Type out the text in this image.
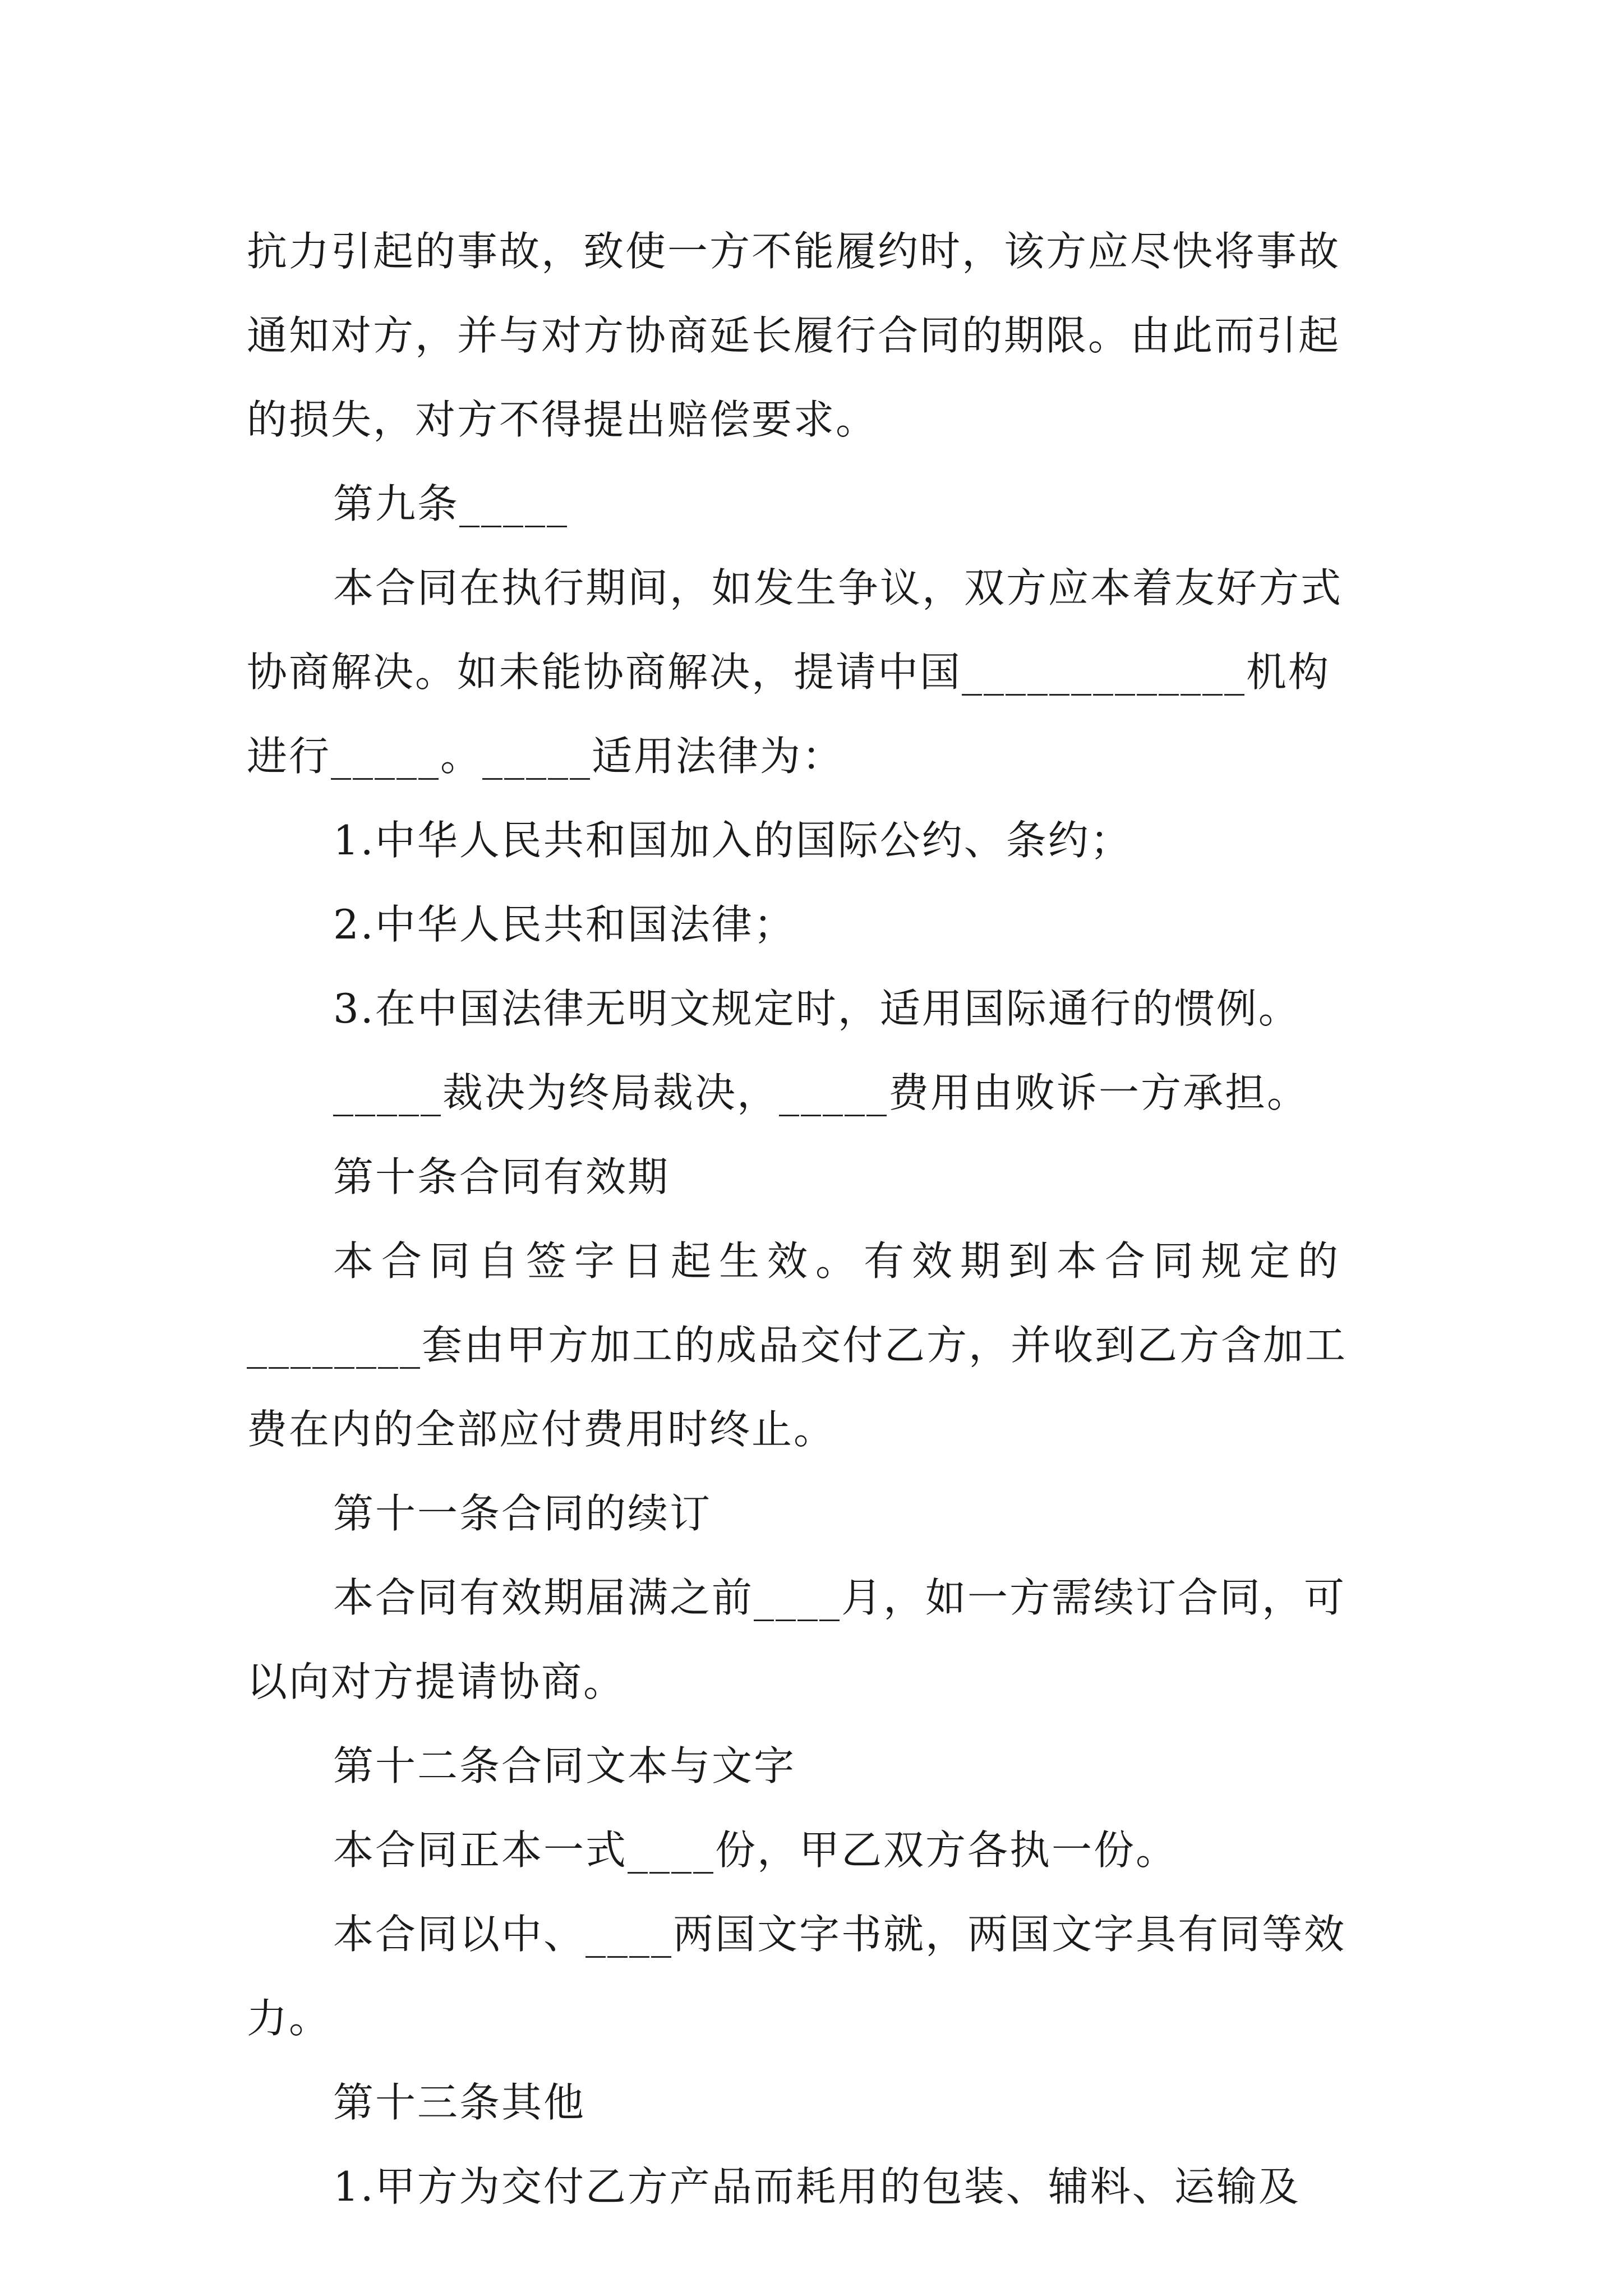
抗力引起的事故，致使一方不能履约时，该方应尽快将事故
通知对方，并与对方协商延长履行合同的期限。由此而引起
的损失，对方不得提出赔偿要求。
第九条_____
本合同在执行期间，如发生争议，双方应本着友好方式
协商解决。如未能协商解决，提请中国_____________机构
进行_____。_____适用法律为：
1.中华人民共和国加入的国际公约、条约；
2.中华人民共和国法律；
3.在中国法律无明文规定时，适用国际通行的惯例。
_____裁决为终局裁决，_____费用由败诉一方承担。
第十条合同有效期
本合同自签字日起生效。有效期到本合同规定的
________套由甲方加工的成品交付乙方，并收到乙方含加工
费在内的全部应付费用时终止。
第十一条合同的续订
本合同有效期届满之前____月，如一方需续订合同，可
以向对方提请协商。
第十二条合同文本与文字
本合同正本一式____份，甲乙双方各执一份。
本合同以中、____两国文字书就，两国文字具有同等效
力。
第十三条其他
1.甲方为交付乙方产品而耗用的包装、辅料、运输及
